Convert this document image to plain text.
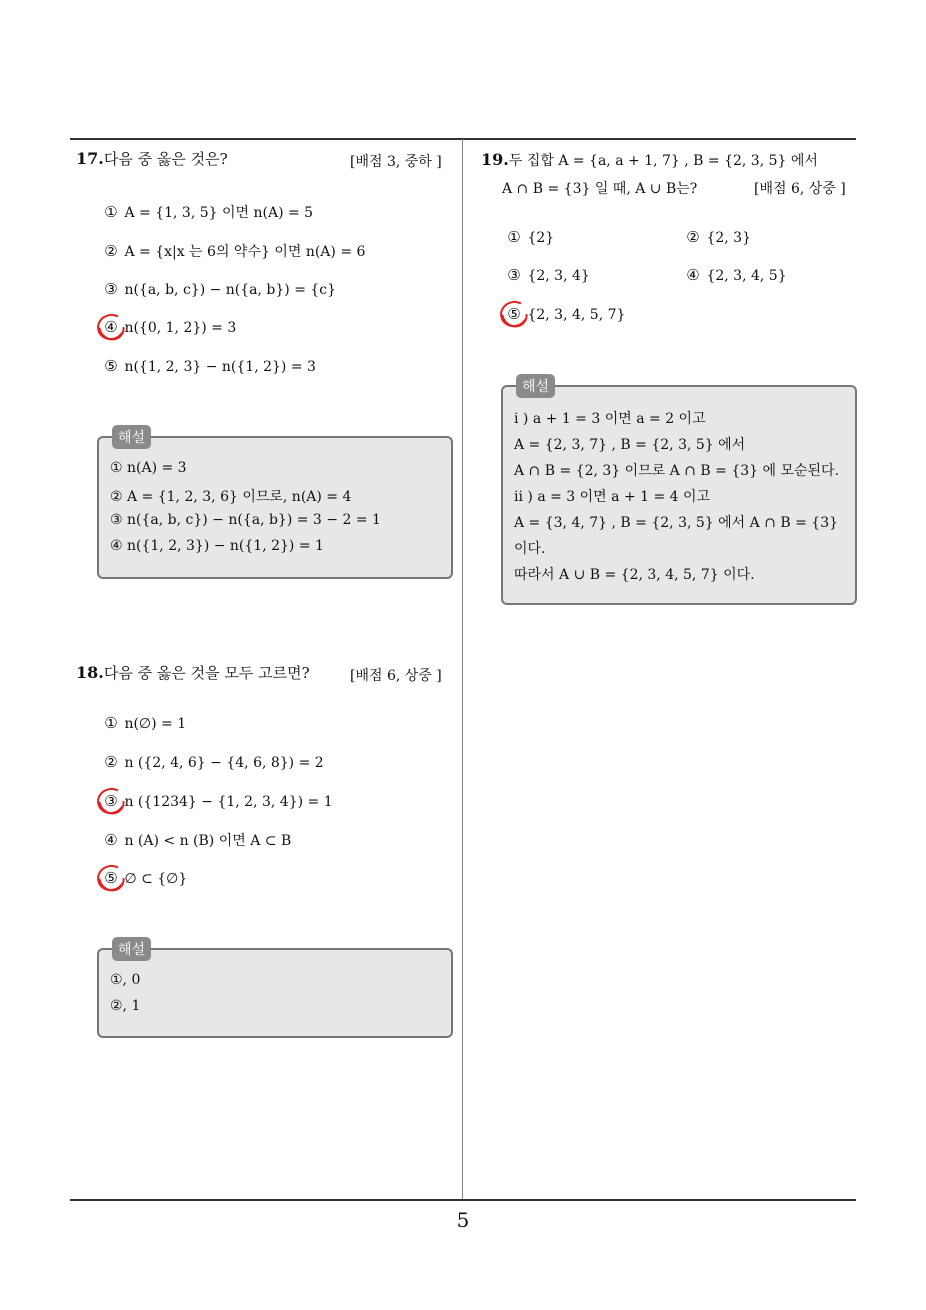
17.다음 중 옳은 것은?	[배점 3, 중하 ]
① A = {1, 3, 5} 이면 n(A) = 5
② A = {x|x 는 6의 약수} 이면 n(A) = 6
③ n({a, b, c}) − n({a, b}) = {c}
④ n({0, 1, 2}) = 3
⑤ n({1, 2, 3} − n({1, 2}) = 3
해설
① n(A) = 3
② A = {1, 2, 3, 6} 이므로, n(A) = 4
③ n({a, b, c}) − n({a, b}) = 3 − 2 = 1
④ n({1, 2, 3}) − n({1, 2}) = 1
18.다음 중 옳은 것을 모두 고르면?	[배점 6, 상중 ]
① n(∅) = 1
② n ({2, 4, 6} − {4, 6, 8}) = 2
③ n ({1234} − {1, 2, 3, 4}) = 1
④ n (A) < n (B) 이면 A ⊂ B
⑤ ∅ ⊂ {∅}
해설
①, 0
②, 1
19.두 집합 A = {a, a + 1, 7} , B = {2, 3, 5} 에서
A ∩ B = {3} 일 때, A ∪ B는?	[배점 6, 상중 ]
① {2}	② {2, 3}
③ {2, 3, 4}	④ {2, 3, 4, 5}
⑤ {2, 3, 4, 5, 7}
해설
i ) a + 1 = 3 이면 a = 2 이고
A = {2, 3, 7} , B = {2, 3, 5} 에서
A ∩ B = {2, 3} 이므로 A ∩ B = {3} 에 모순된다.
ii ) a = 3 이면 a + 1 = 4 이고
A = {3, 4, 7} , B = {2, 3, 5} 에서 A ∩ B = {3}
이다.
따라서 A ∪ B = {2, 3, 4, 5, 7} 이다.
5
